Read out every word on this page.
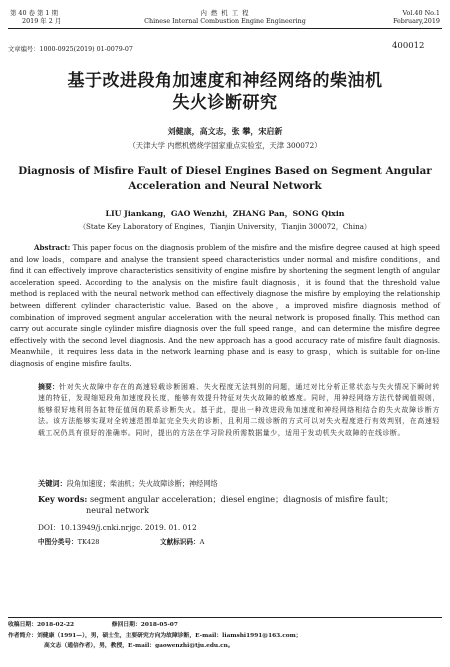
第 40 卷 第 1 期
2019 年 2 月
内 燃 机 工 程
Chinese Internal Combustion Engine Engineering
Vol.40 No.1
February,2019
文章编号：1000-0925(2019) 01-0079-07	400012
基于改进段角加速度和神经网络的柴油机
失火诊断研究
刘健康，高文志，张 攀，宋启新
（天津大学 内燃机燃烧学国家重点实验室，天津 300072）
Diagnosis of Misfire Fault of Diesel Engines Based on Segment Angular
Acceleration and Neural Network
LIU Jiankang，GAO Wenzhi，ZHANG Pan，SONG Qixin
（State Key Laboratory of Engines，Tianjin University，Tianjin 300072，China）
Abstract: This paper focus on the diagnosis problem of the misfire and the misfire degree caused at high speed and low loads，compare and analyse the transient speed characteristics under normal and misfire conditions，and find it can effectively improve characteristics sensitivity of engine misfire by shortening the segment length of angular acceleration speed. According to the analysis on the misfire fault diagnosis，it is found that the threshold value method is replaced with the neural network method can effectively diagnose the misfire by employing the relationship between different cylinder characteristic value. Based on the above，a improved misfire diagnosis method of combination of improved segment angular acceleration with the neural network is proposed finally. This method can carry out accurate single cylinder misfire diagnosis over the full speed range，and can determine the misfire degree effectively with the second level diagnosis. And the new approach has a good accuracy rate of misfire fault diagnosis. Meanwhile，it requires less data in the network learning phase and is easy to grasp，which is suitable for on-line diagnosis of engine misfire faults.
摘要：针对失火故障中存在的高速轻载诊断困难、失火程度无法判别的问题，通过对比分析正常状态与失火情况下瞬时转速的特征，发现缩短段角加速度段长度，能够有效提升特征对失火故障的敏感度。同时，用神经网络方法代替阈值规则，能够很好地利用各缸特征值间的联系诊断失火。基于此，提出一种改进段角加速度和神经网络相结合的失火故障诊断方法。该方法能够实现对全转速范围单缸完全失火的诊断，且利用二级诊断的方式可以对失火程度进行有效判别，在高速轻载工况仍具有很好的准确率。同时，提出的方法在学习阶段所需数据量少，适用于发动机失火故障的在线诊断。
关键词：段角加速度；柴油机；失火故障诊断；神经网络
Key words: segment angular acceleration；diesel engine；diagnosis of misfire fault；
neural network
DOI：10.13949/j.cnki.nrjgc. 2019. 01. 012
中图分类号：TK428	文献标识码：A
收稿日期：2018-02-22	修回日期：2018-05-07
作者简介：刘健康（1991—），男，硕士生，主要研究方向为故障诊断，E-mail：liamshi1991@163.com；
高文志（通信作者），男，教授，E-mail：gaowenzhi@tju.edu.cn。
